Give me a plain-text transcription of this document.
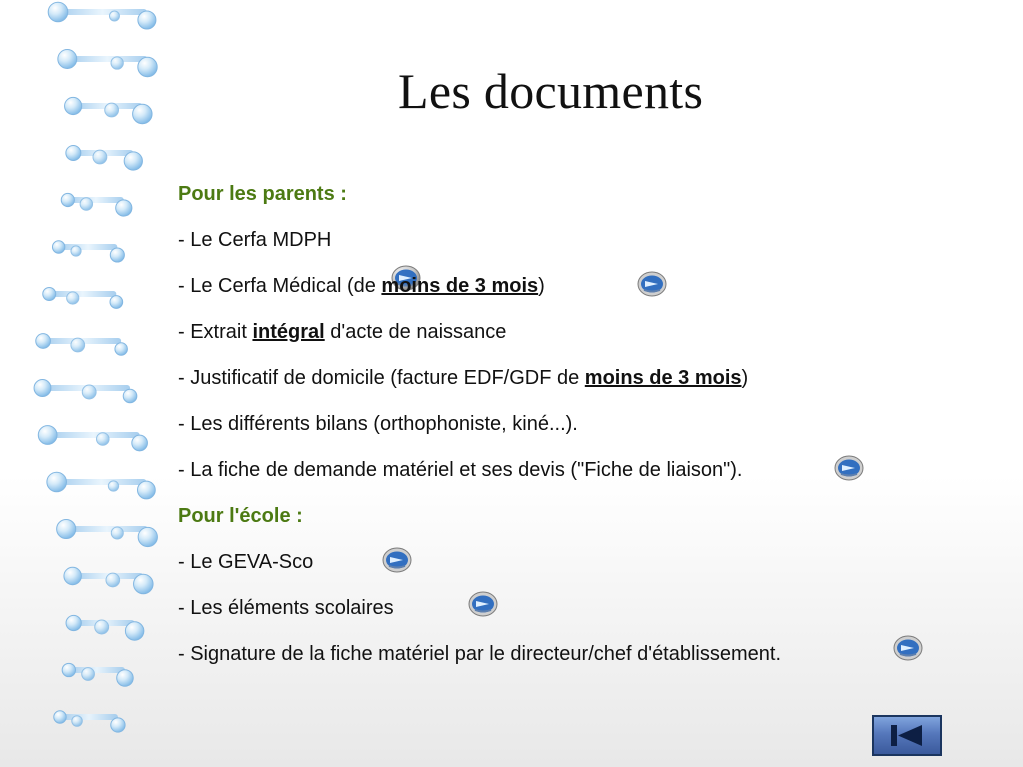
Les documents
Pour les parents :
- Le Cerfa MDPH
- Le Cerfa Médical (de moins de 3 mois)
- Extrait intégral d'acte de naissance
- Justificatif de domicile (facture EDF/GDF de moins de 3 mois)
- Les différents bilans (orthophoniste, kiné...).
- La fiche de demande matériel et ses devis ("Fiche de liaison").
Pour l'école :
- Le GEVA-Sco
- Les éléments scolaires
- Signature de la fiche matériel par le directeur/chef d'établissement.
